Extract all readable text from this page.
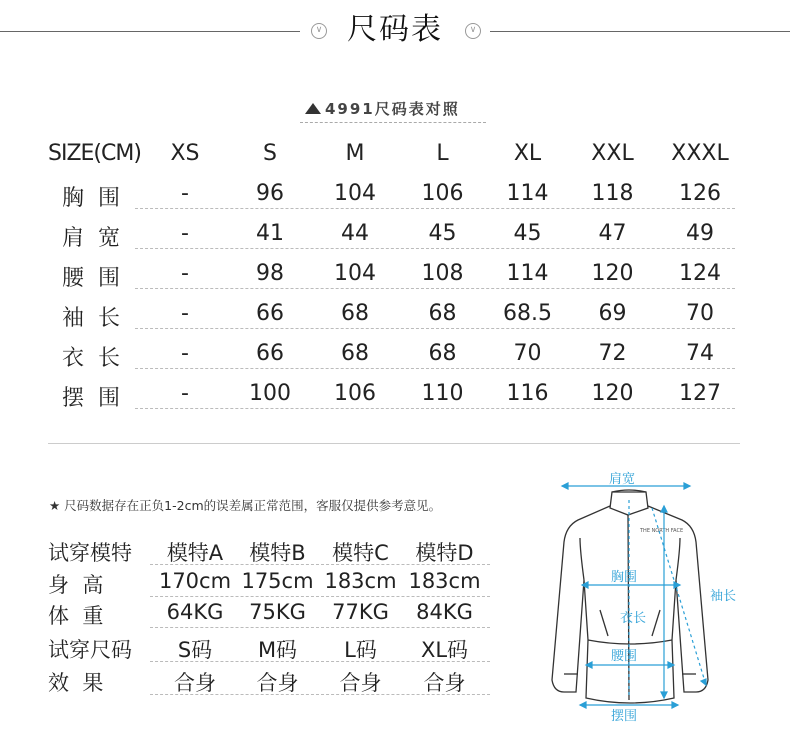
∨ 尺码表	∨
4991尺码表对照
SIZE(CM)	XS	S	M	L	XL	XXL	XXXL
胸  围	-	96	104	106	114	118	126
肩  宽	-	41	44	45	45	47	49
腰  围	-	98	104	108	114	120	124
袖  长	-	66	68	68	68.5	69	70
衣  长	-	66	68	68	70	72	74
摆  围	-	100	106	110	116	120	127
★ 尺码数据存在正负1-2cm的误差属正常范围，客服仅提供参考意见。
试穿模特	模特A	模特B	模特C	模特D
身  高	170cm 175cm 183cm 183cm
体  重	64KG	75KG	77KG	84KG
试穿尺码	S码	M码	L码	XL码
效  果	合身	合身	合身	合身
THE NORTH FACE
肩宽
胸围
衣长
腰围
摆围
袖长
